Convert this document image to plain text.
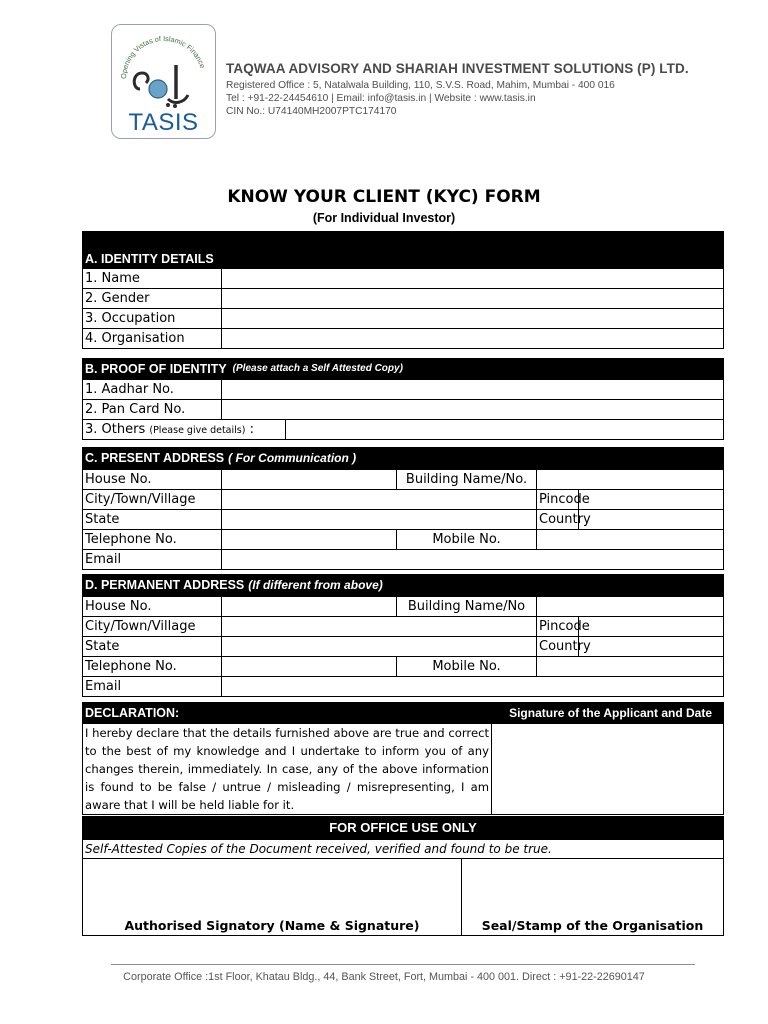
Opening Vistas of Islamic Finance
TASIS
TAQWAA ADVISORY AND SHARIAH INVESTMENT SOLUTIONS (P) LTD.
Registered Office : 5, Natalwala Building, 110, S.V.S. Road, Mahim, Mumbai - 400 016
Tel : +91-22-24454610 | Email: info@tasis.in | Website : www.tasis.in
CIN No.: U74140MH2007PTC174170
KNOW YOUR CLIENT (KYC) FORM
(For Individual Investor)
A. IDENTITY DETAILS
1. Name	
2. Gender	
3. Occupation	
4. Organisation	
B. PROOF OF IDENTITY (Please attach a Self Attested Copy)
1. Aadhar No.		
2. Pan Card No.		
3. Others (Please give details) :		
C. PRESENT ADDRESS ( For Communication )
House No.		Building Name/No.		
City/Town/Village			Pincode	
State			Country	
Telephone No.		Mobile No.		
Email				
D. PERMANENT ADDRESS (If different from above)
House No.		Building Name/No		
City/Town/Village			Pincode	
State			Country	
Telephone No.		Mobile No.		
Email				
DECLARATION:	Signature of the Applicant and Date
I hereby declare that the details furnished above are true and correct to the best of my knowledge and I undertake to inform you of any changes therein, immediately. In case, any of the above information is found to be false / untrue / misleading / misrepresenting, I am aware that I will be held liable for it.

FOR OFFICE USE ONLY
Self-Attested Copies of the Document received, verified and found to be true.
Authorised Signatory (Name & Signature)	Seal/Stamp of the Organisation
Corporate Office :1st Floor, Khatau Bldg., 44, Bank Street, Fort, Mumbai - 400 001. Direct : +91-22-22690147
